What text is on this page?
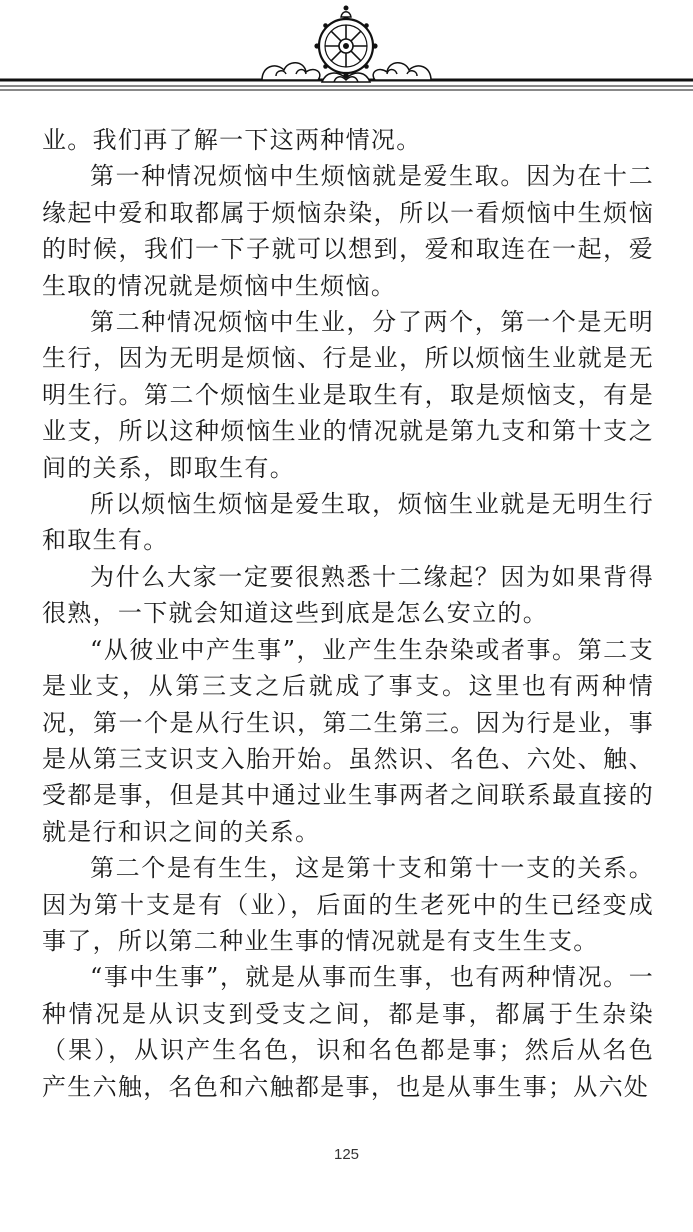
业。我们再了解一下这两种情况。

第一种情况烦恼中生烦恼就是爱生取。因为在十二缘起中爱和取都属于烦恼杂染，所以一看烦恼中生烦恼的时候，我们一下子就可以想到，爱和取连在一起，爱生取的情况就是烦恼中生烦恼。

第二种情况烦恼中生业，分了两个，第一个是无明生行，因为无明是烦恼、行是业，所以烦恼生业就是无明生行。第二个烦恼生业是取生有，取是烦恼支，有是业支，所以这种烦恼生业的情况就是第九支和第十支之间的关系，即取生有。

所以烦恼生烦恼是爱生取，烦恼生业就是无明生行和取生有。

为什么大家一定要很熟悉十二缘起？因为如果背得很熟，一下就会知道这些到底是怎么安立的。

“从彼业中产生事”，业产生生杂染或者事。第二支是业支，从第三支之后就成了事支。这里也有两种情况，第一个是从行生识，第二生第三。因为行是业，事是从第三支识支入胎开始。虽然识、名色、六处、触、受都是事，但是其中通过业生事两者之间联系最直接的就是行和识之间的关系。

第二个是有生生，这是第十支和第十一支的关系。因为第十支是有（业），后面的生老死中的生已经变成事了，所以第二种业生事的情况就是有支生生支。

“事中生事”，就是从事而生事，也有两种情况。一种情况是从识支到受支之间，都是事，都属于生杂染（果），从识产生名色，识和名色都是事；然后从名色产生六触，名色和六触都是事，也是从事生事；从六处

125
